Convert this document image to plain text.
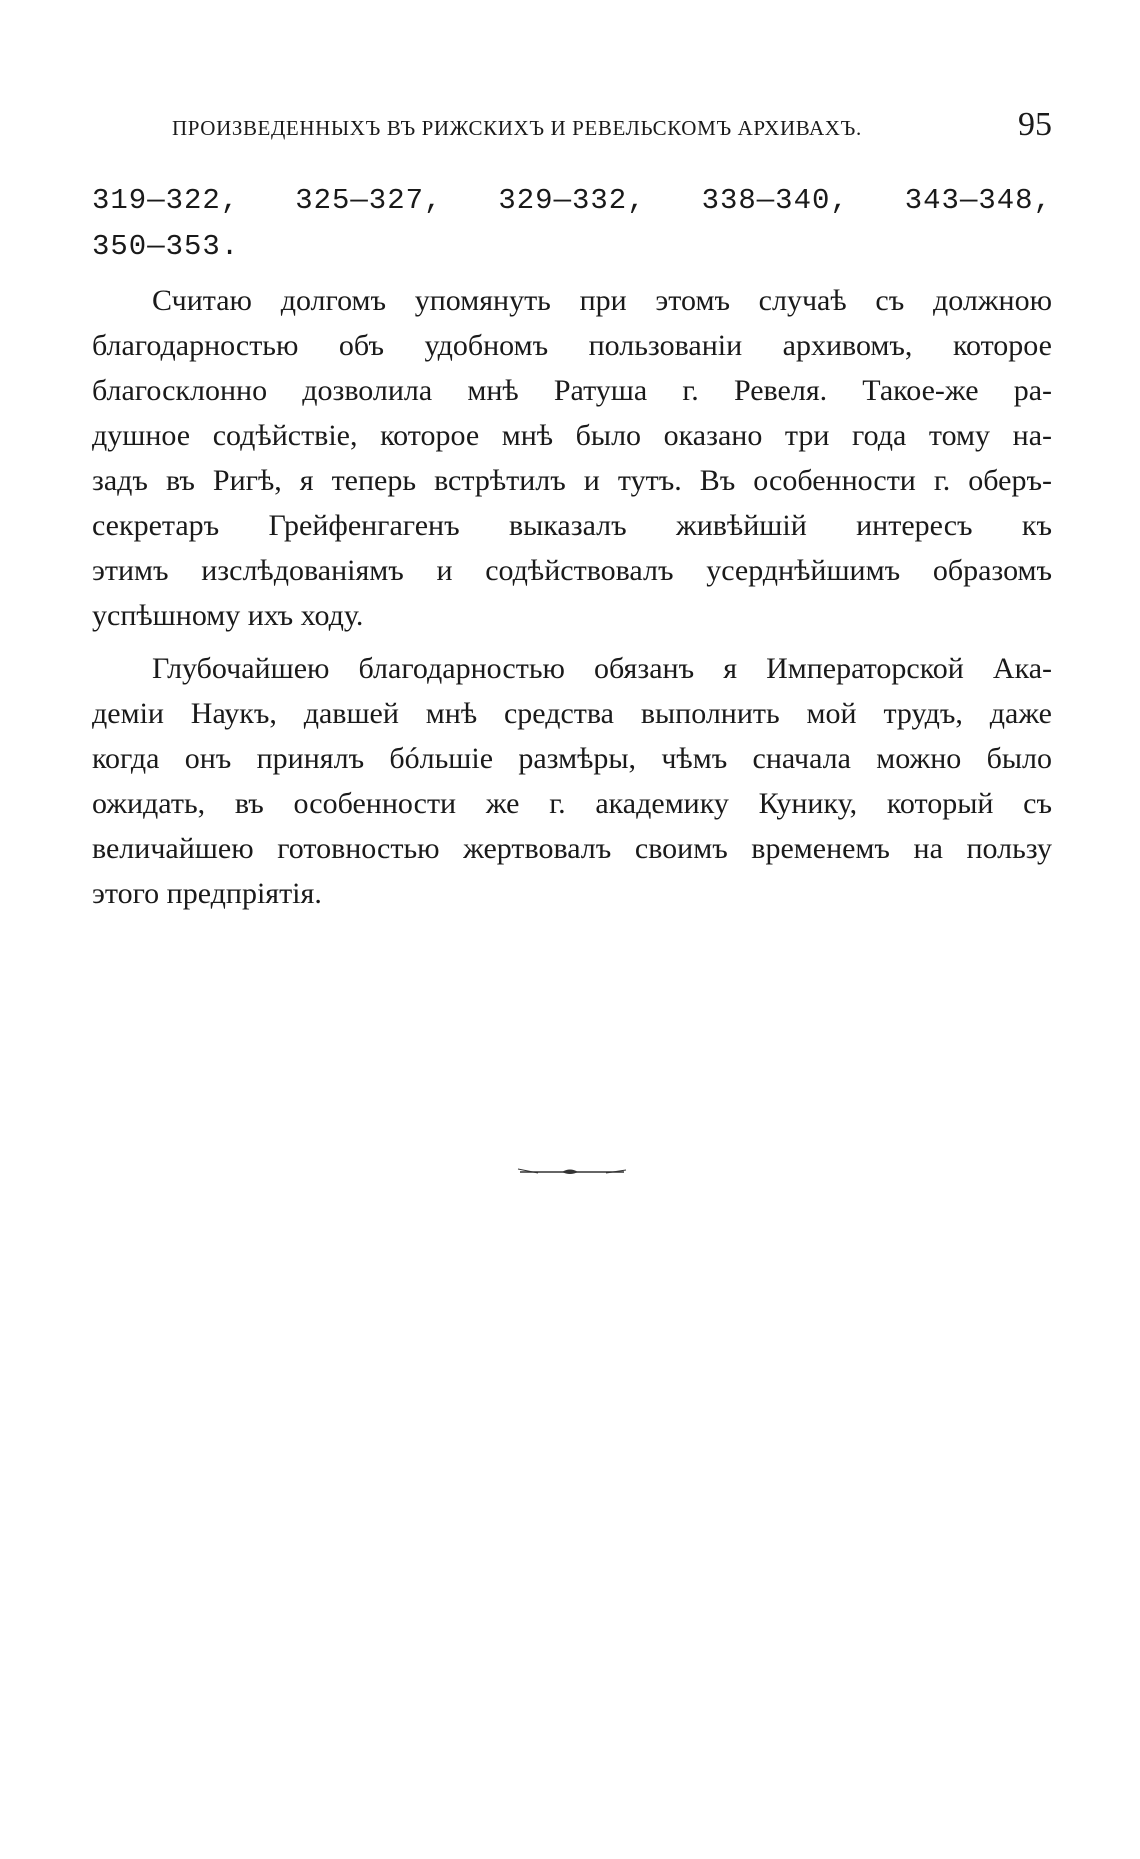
ПРОИЗВЕДЕННЫХЪ ВЪ РИЖСКИХЪ И РЕВЕЛЬСКОМЪ АРХИВАХЪ.	95
319—322, 325—327, 329—332, 338—340, 343—348,
350—353.
Считаю долгомъ упомянуть при этомъ случаѣ съ должною
благодарностью объ удобномъ пользованіи архивомъ, которое
благосклонно дозволила мнѣ Ратуша г. Ревеля. Такое-же ра-
душное содѣйствіе, которое мнѣ было оказано три года тому на-
задъ въ Ригѣ, я теперь встрѣтилъ и тутъ. Въ особенности г. оберъ-
секретаръ Грейфенгагенъ выказалъ живѣйшій интересъ къ
этимъ изслѣдованіямъ и содѣйствовалъ усерднѣйшимъ образомъ
успѣшному ихъ ходу.
Глубочайшею благодарностью обязанъ я Императорской Ака-
деміи Наукъ, давшей мнѣ средства выполнить мой трудъ, даже
когда онъ принялъ бóльшіе размѣры, чѣмъ сначала можно было
ожидать, въ особенности же г. академику Кунику, который съ
величайшею готовностью жертвовалъ своимъ временемъ на пользу
этого предпріятія.
